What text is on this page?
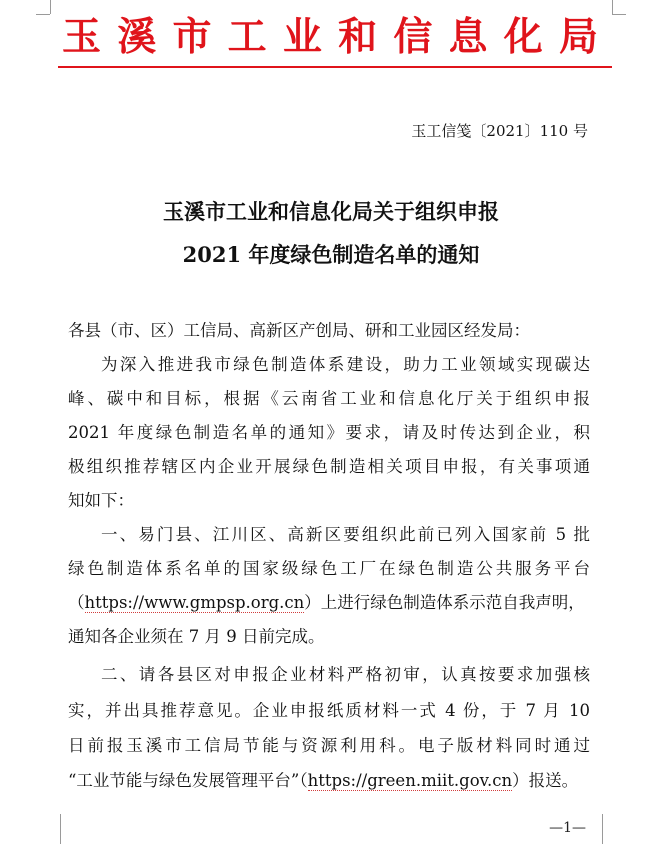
玉溪市工业和信息化局
玉工信笺〔2021〕110 号
玉溪市工业和信息化局关于组织申报
2021 年度绿色制造名单的通知
各县（市、区）工信局、高新区产创局、研和工业园区经发局：
为深入推进我市绿色制造体系建设，助力工业领域实现碳达
峰、碳中和目标，根据《云南省工业和信息化厅关于组织申报
2021 年度绿色制造名单的通知》要求，请及时传达到企业，积
极组织推荐辖区内企业开展绿色制造相关项目申报，有关事项通
知如下：
一、易门县、江川区、高新区要组织此前已列入国家前 5 批
绿色制造体系名单的国家级绿色工厂在绿色制造公共服务平台
（https://www.gmpsp.org.cn）上进行绿色制造体系示范自我声明，
通知各企业须在 7 月 9 日前完成。
二、请各县区对申报企业材料严格初审，认真按要求加强核
实，并出具推荐意见。企业申报纸质材料一式 4 份，于 7 月 10
日前报玉溪市工信局节能与资源利用科。电子版材料同时通过
“工业节能与绿色发展管理平台”（https://green.miit.gov.cn）报送。
—1—
